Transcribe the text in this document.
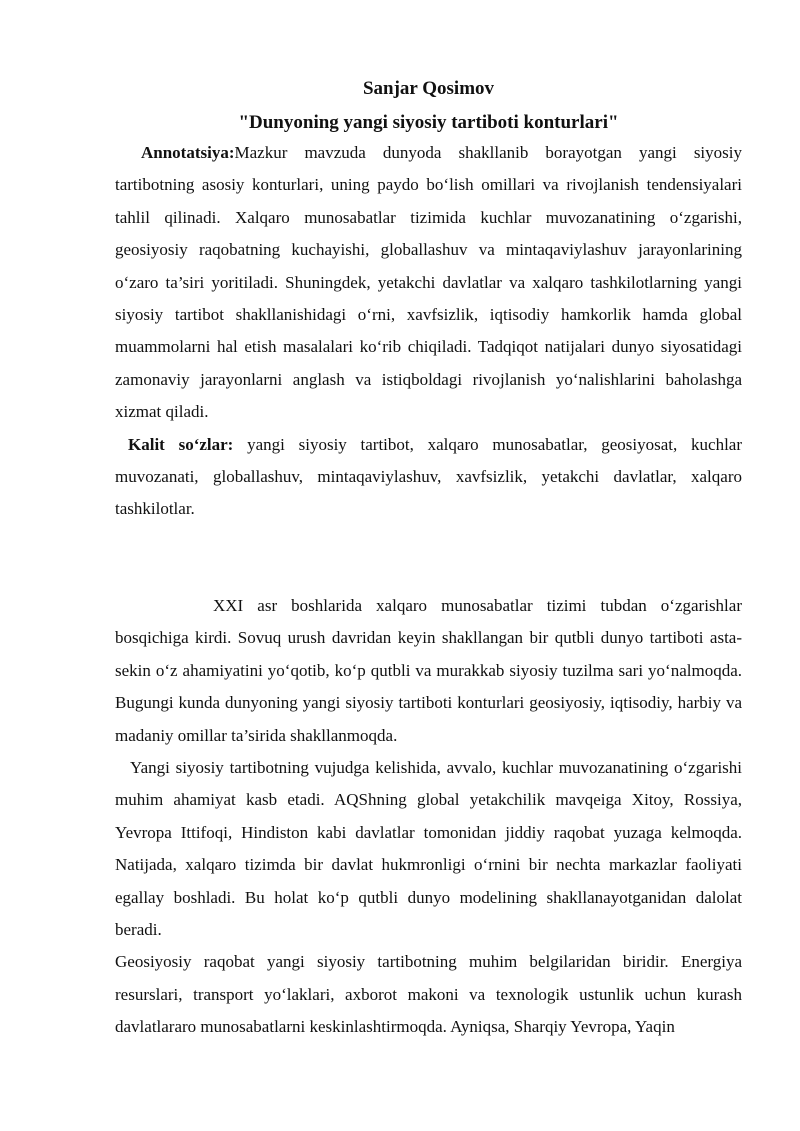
Sanjar Qosimov
"Dunyoning yangi siyosiy tartiboti konturlari"

Annotatsiya:Mazkur mavzuda dunyoda shakllanib borayotgan yangi siyosiy tartibotning asosiy konturlari, uning paydo bo‘lish omillari va rivojlanish tendensiyalari tahlil qilinadi. Xalqaro munosabatlar tizimida kuchlar muvozanatining o‘zgarishi, geosiyosiy raqobatning kuchayishi, globallashuv va mintaqaviylashuv jarayonlarining o‘zaro ta’siri yoritiladi. Shuningdek, yetakchi davlatlar va xalqaro tashkilotlarning yangi siyosiy tartibot shakllanishidagi o‘rni, xavfsizlik, iqtisodiy hamkorlik hamda global muammolarni hal etish masalalari ko‘rib chiqiladi. Tadqiqot natijalari dunyo siyosatidagi zamonaviy jarayonlarni anglash va istiqboldagi rivojlanish yo‘nalishlarini baholashga xizmat qiladi.

Kalit so‘zlar: yangi siyosiy tartibot, xalqaro munosabatlar, geosiyosat, kuchlar muvozanati, globallashuv, mintaqaviylashuv, xavfsizlik, yetakchi davlatlar, xalqaro tashkilotlar.

XXI asr boshlarida xalqaro munosabatlar tizimi tubdan o‘zgarishlar bosqichiga kirdi. Sovuq urush davridan keyin shakllangan bir qutbli dunyo tartiboti asta-sekin o‘z ahamiyatini yo‘qotib, ko‘p qutbli va murakkab siyosiy tuzilma sari yo‘nalmoqda. Bugungi kunda dunyoning yangi siyosiy tartiboti konturlari geosiyosiy, iqtisodiy, harbiy va madaniy omillar ta’sirida shakllanmoqda.

Yangi siyosiy tartibotning vujudga kelishida, avvalo, kuchlar muvozanatining o‘zgarishi muhim ahamiyat kasb etadi. AQShning global yetakchilik mavqeiga Xitoy, Rossiya, Yevropa Ittifoqi, Hindiston kabi davlatlar tomonidan jiddiy raqobat yuzaga kelmoqda. Natijada, xalqaro tizimda bir davlat hukmronligi o‘rnini bir nechta markazlar faoliyati egallay boshladi. Bu holat ko‘p qutbli dunyo modelining shakllanayotganidan dalolat beradi.

Geosiyosiy raqobat yangi siyosiy tartibotning muhim belgilaridan biridir. Energiya resurslari, transport yo‘laklari, axborot makoni va texnologik ustunlik uchun kurash davlatlararo munosabatlarni keskinlashtirmoqda. Ayniqsa, Sharqiy Yevropa, Yaqin
